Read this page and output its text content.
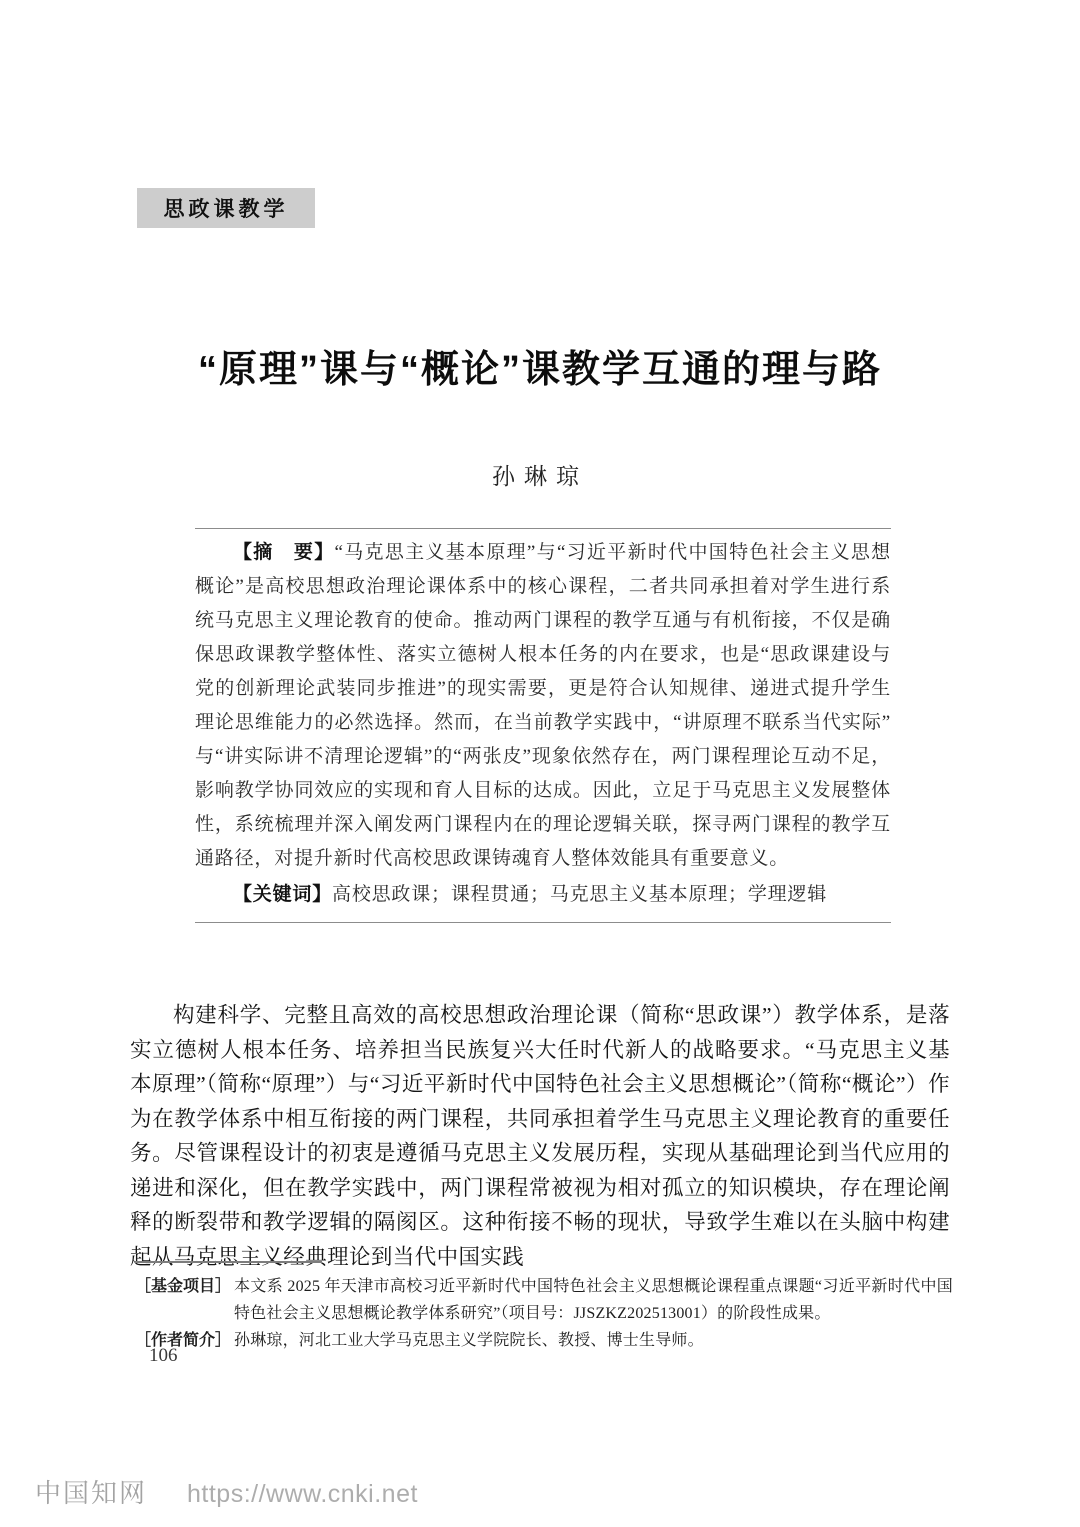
思政课教学
“原理”课与“概论”课教学互通的理与路
孙琳琼

【摘　要】“马克思主义基本原理”与“习近平新时代中国特色社会主义思想概论”是高校思想政治理论课体系中的核心课程，二者共同承担着对学生进行系统马克思主义理论教育的使命。推动两门课程的教学互通与有机衔接，不仅是确保思政课教学整体性、落实立德树人根本任务的内在要求，也是“思政课建设与党的创新理论武装同步推进”的现实需要，更是符合认知规律、递进式提升学生理论思维能力的必然选择。然而，在当前教学实践中，“讲原理不联系当代实际”与“讲实际讲不清理论逻辑”的“两张皮”现象依然存在，两门课程理论互动不足，影响教学协同效应的实现和育人目标的达成。因此，立足于马克思主义发展整体性，系统梳理并深入阐发两门课程内在的理论逻辑关联，探寻两门课程的教学互通路径，对提升新时代高校思政课铸魂育人整体效能具有重要意义。

【关键词】高校思政课；课程贯通；马克思主义基本原理；学理逻辑

构建科学、完整且高效的高校思想政治理论课（简称“思政课”）教学体系，是落实立德树人根本任务、培养担当民族复兴大任时代新人的战略要求。“马克思主义基本原理”（简称“原理”）与“习近平新时代中国特色社会主义思想概论”（简称“概论”）作为在教学体系中相互衔接的两门课程，共同承担着学生马克思主义理论教育的重要任务。尽管课程设计的初衷是遵循马克思主义发展历程，实现从基础理论到当代应用的递进和深化，但在教学实践中，两门课程常被视为相对孤立的知识模块，存在理论阐释的断裂带和教学逻辑的隔阂区。这种衔接不畅的现状，导致学生难以在头脑中构建起从马克思主义经典理论到当代中国实践

［基金项目］ 本文系 2025 年天津市高校习近平新时代中国特色社会主义思想概论课程重点课题“习近平新时代中国特色社会主义思想概论教学体系研究”（项目号：JJSZKZ202513001）的阶段性成果。
［作者简介］ 孙琳琼，河北工业大学马克思主义学院院长、教授、博士生导师。
106
中国知网 https://www.cnki.net
